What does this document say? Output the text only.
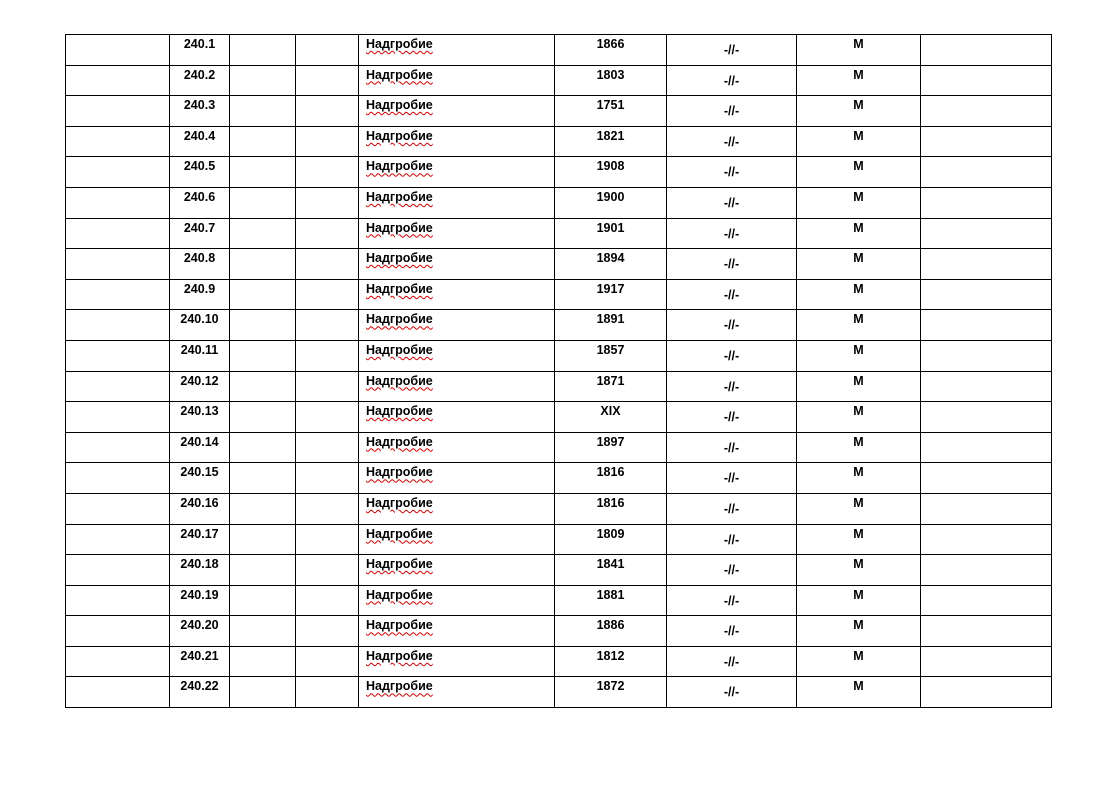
	240.1			Надгробие	1866	-//-	М	
	240.2			Надгробие	1803	-//-	М	
	240.3			Надгробие	1751	-//-	М	
	240.4			Надгробие	1821	-//-	М	
	240.5			Надгробие	1908	-//-	М	
	240.6			Надгробие	1900	-//-	М	
	240.7			Надгробие	1901	-//-	М	
	240.8			Надгробие	1894	-//-	М	
	240.9			Надгробие	1917	-//-	М	
	240.10			Надгробие	1891	-//-	М	
	240.11			Надгробие	1857	-//-	М	
	240.12			Надгробие	1871	-//-	М	
	240.13			Надгробие	XIX	-//-	М	
	240.14			Надгробие	1897	-//-	М	
	240.15			Надгробие	1816	-//-	М	
	240.16			Надгробие	1816	-//-	М	
	240.17			Надгробие	1809	-//-	М	
	240.18			Надгробие	1841	-//-	М	
	240.19			Надгробие	1881	-//-	М	
	240.20			Надгробие	1886	-//-	М	
	240.21			Надгробие	1812	-//-	М	
	240.22			Надгробие	1872	-//-	М	
